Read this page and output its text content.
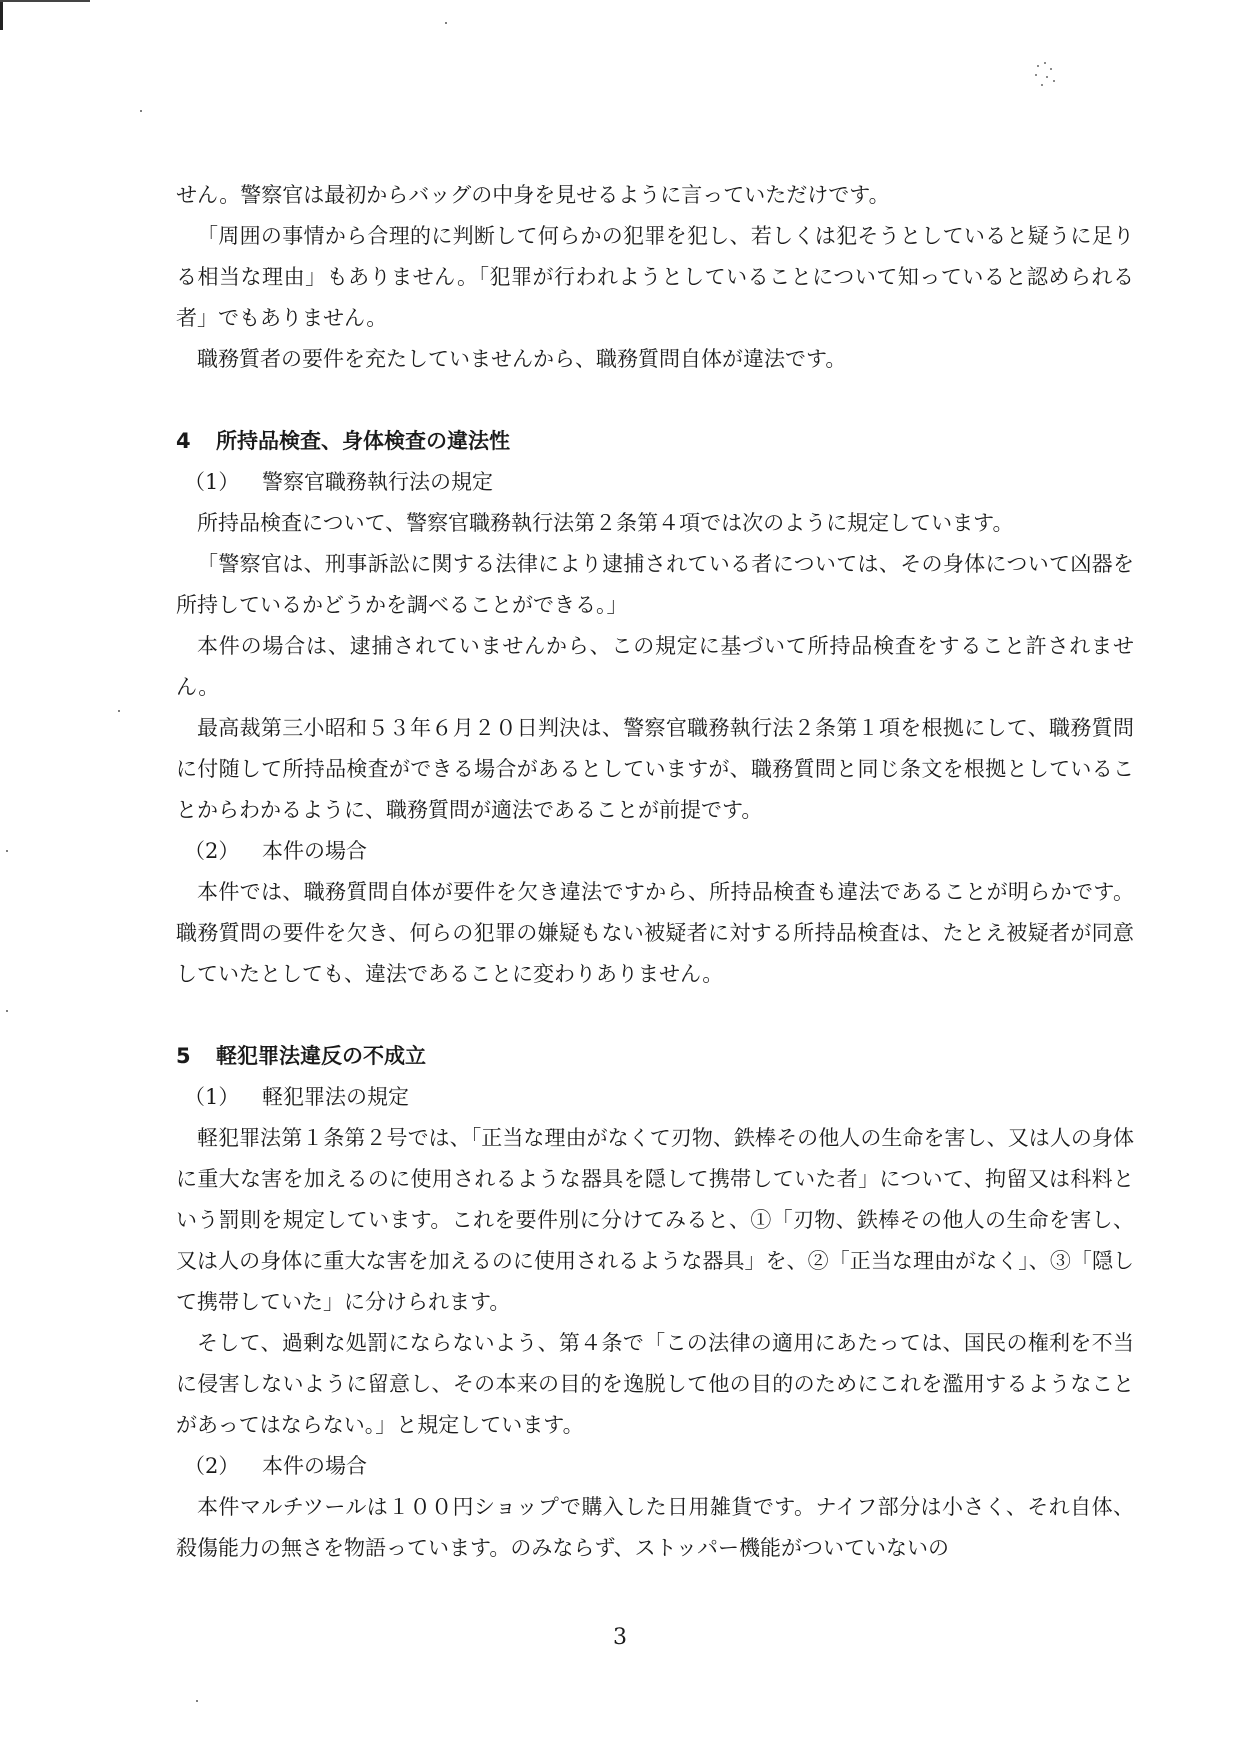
せん。警察官は最初からバッグの中身を見せるように言っていただけです。

「周囲の事情から合理的に判断して何らかの犯罪を犯し、若しくは犯そうとしていると疑うに足りる相当な理由」もありません。「犯罪が行われようとしていることについて知っていると認められる者」でもありません。

職務質者の要件を充たしていませんから、職務質問自体が違法です。

4 所持品検査、身体検査の違法性
（1） 警察官職務執行法の規定

所持品検査について、警察官職務執行法第２条第４項では次のように規定しています。

「警察官は、刑事訴訟に関する法律により逮捕されている者については、その身体について凶器を所持しているかどうかを調べることができる。」

本件の場合は、逮捕されていませんから、この規定に基づいて所持品検査をすること許されません。

最高裁第三小昭和５３年６月２０日判決は、警察官職務執行法２条第１項を根拠にして、職務質問に付随して所持品検査ができる場合があるとしていますが、職務質問と同じ条文を根拠としていることからわかるように、職務質問が適法であることが前提です。

（2） 本件の場合

本件では、職務質問自体が要件を欠き違法ですから、所持品検査も違法であることが明らかです。職務質問の要件を欠き、何らの犯罪の嫌疑もない被疑者に対する所持品検査は、たとえ被疑者が同意していたとしても、違法であることに変わりありません。

5 軽犯罪法違反の不成立
（1） 軽犯罪法の規定

軽犯罪法第１条第２号では、「正当な理由がなくて刃物、鉄棒その他人の生命を害し、又は人の身体に重大な害を加えるのに使用されるような器具を隠して携帯していた者」について、拘留又は科料という罰則を規定しています。これを要件別に分けてみると、①「刃物、鉄棒その他人の生命を害し、又は人の身体に重大な害を加えるのに使用されるような器具」を、②「正当な理由がなく」、③「隠して携帯していた」に分けられます。

そして、過剰な処罰にならないよう、第４条で「この法律の適用にあたっては、国民の権利を不当に侵害しないように留意し、その本来の目的を逸脱して他の目的のためにこれを濫用するようなことがあってはならない。」と規定しています。

（2） 本件の場合

本件マルチツールは１００円ショップで購入した日用雑貨です。ナイフ部分は小さく、それ自体、殺傷能力の無さを物語っています。のみならず、ストッパー機能がついていないの

3
